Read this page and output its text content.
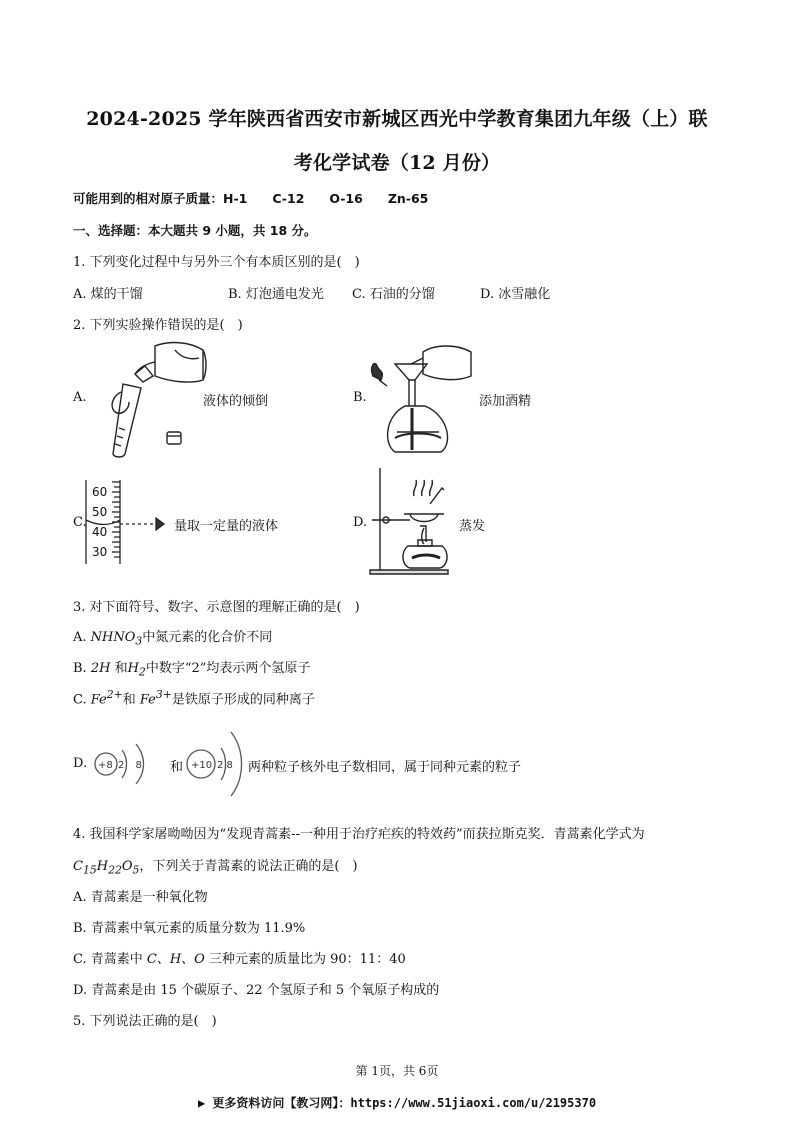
2024-2025 学年陕西省西安市新城区西光中学教育集团九年级（上）联
考化学试卷（12 月份）
可能用到的相对原子质量：H-1　　C-12　　O-16　　Zn-65
一、选择题：本大题共 9 小题，共 18 分。
1. 下列变化过程中与另外三个有本质区别的是(　)
A. 煤的干馏	B. 灯泡通电发光 C. 石油的分馏	D. 冰雪融化
2. 下列实验操作错误的是(　)
A.	液体的倾倒	B.	添加酒精
C.
60
50
40
30
量取一定量的液体	D.	蒸发
3. 对下面符号、数字、示意图的理解正确的是(　)
A. $NHNO_3$中氮元素的化合价不同
B. 2H 和$H_2$中数字“2”均表示两个氢原子
C. $Fe^{2+}$和 $Fe^{3+}$是铁原子形成的同种离子
D. +8 2 8 和 +10 2 8 两种粒子核外电子数相同，属于同种元素的粒子
4. 我国科学家屠呦呦因为“发现青蒿素--一种用于治疗疟疾的特效药”而获拉斯克奖．青蒿素化学式为
$C_{15}H_{22}O_5$，下列关于青蒿素的说法正确的是(　)
A. 青蒿素是一种氧化物
B. 青蒿素中氧元素的质量分数为 11.9%
C. 青蒿素中 C、H、O 三种元素的质量比为 90：11：40
D. 青蒿素是由 15 个碳原子、22 个氢原子和 5 个氧原子构成的
5. 下列说法正确的是(　)
第 1页，共 6页
▶ 更多资料访问【教习网】：https://www.51jiaoxi.com/u/2195370
